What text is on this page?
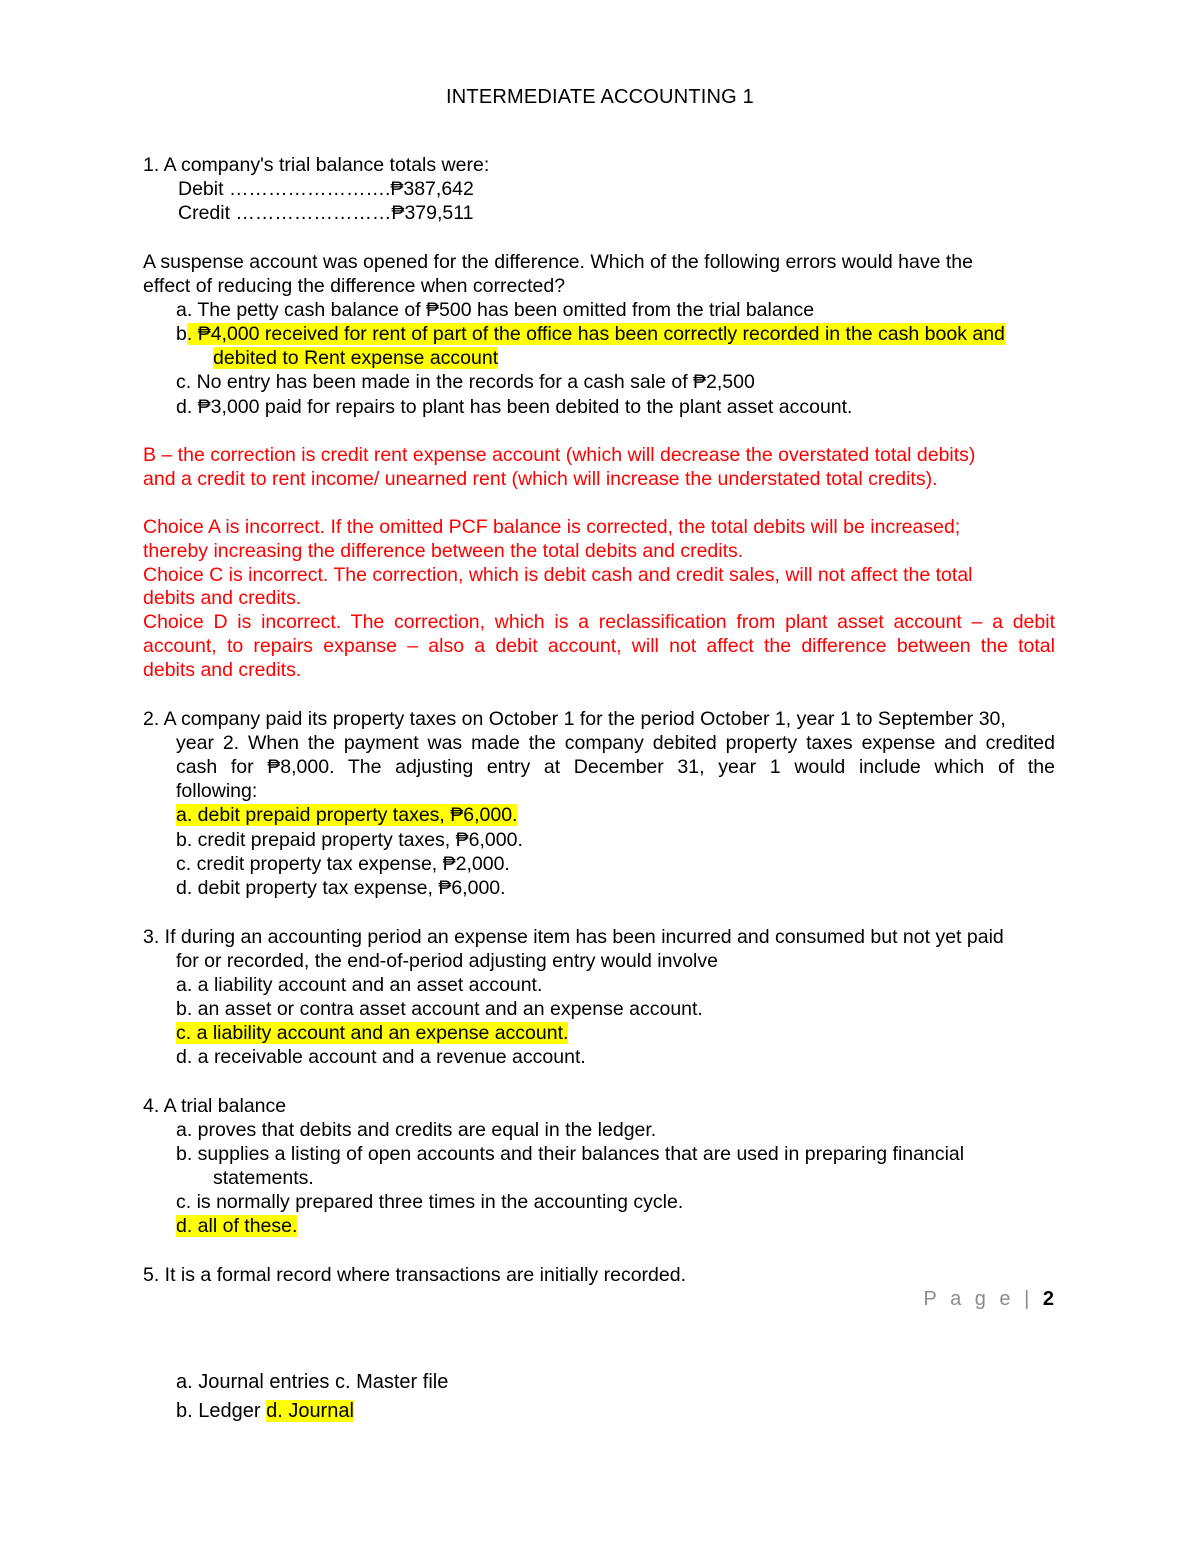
INTERMEDIATE ACCOUNTING 1
1. A company's trial balance totals were:
Debit …………………….₱387,642
Credit ……………………₱379,511
A suspense account was opened for the difference. Which of the following errors would have the
effect of reducing the difference when corrected?
a. The petty cash balance of ₱500 has been omitted from the trial balance
b. ₱4,000 received for rent of part of the office has been correctly recorded in the cash book and
debited to Rent expense account
c. No entry has been made in the records for a cash sale of ₱2,500
d. ₱3,000 paid for repairs to plant has been debited to the plant asset account.
B – the correction is credit rent expense account (which will decrease the overstated total debits)
and a credit to rent income/ unearned rent (which will increase the understated total credits).
Choice A is incorrect. If the omitted PCF balance is corrected, the total debits will be increased;
thereby increasing the difference between the total debits and credits.
Choice C is incorrect. The correction, which is debit cash and credit sales, will not affect the total
debits and credits.
Choice D is incorrect. The correction, which is a reclassification from plant asset account – a debit
account, to repairs expanse – also a debit account, will not affect the difference between the total
debits and credits.
2. A company paid its property taxes on October 1 for the period October 1, year 1 to September 30,
year 2. When the payment was made the company debited property taxes expense and credited
cash for ₱8,000. The adjusting entry at December 31, year 1 would include which of the
following:
a. debit prepaid property taxes, ₱6,000.
b. credit prepaid property taxes, ₱6,000.
c. credit property tax expense, ₱2,000.
d. debit property tax expense, ₱6,000.
3. If during an accounting period an expense item has been incurred and consumed but not yet paid
for or recorded, the end-of-period adjusting entry would involve
a. a liability account and an asset account.
b. an asset or contra asset account and an expense account.
c. a liability account and an expense account.
d. a receivable account and a revenue account.
4. A trial balance
a. proves that debits and credits are equal in the ledger.
b. supplies a listing of open accounts and their balances that are used in preparing financial
statements.
c. is normally prepared three times in the accounting cycle.
d. all of these.
5. It is a formal record where transactions are initially recorded.
P a g e | 2
a. Journal entries c. Master file
b. Ledger d. Journal
